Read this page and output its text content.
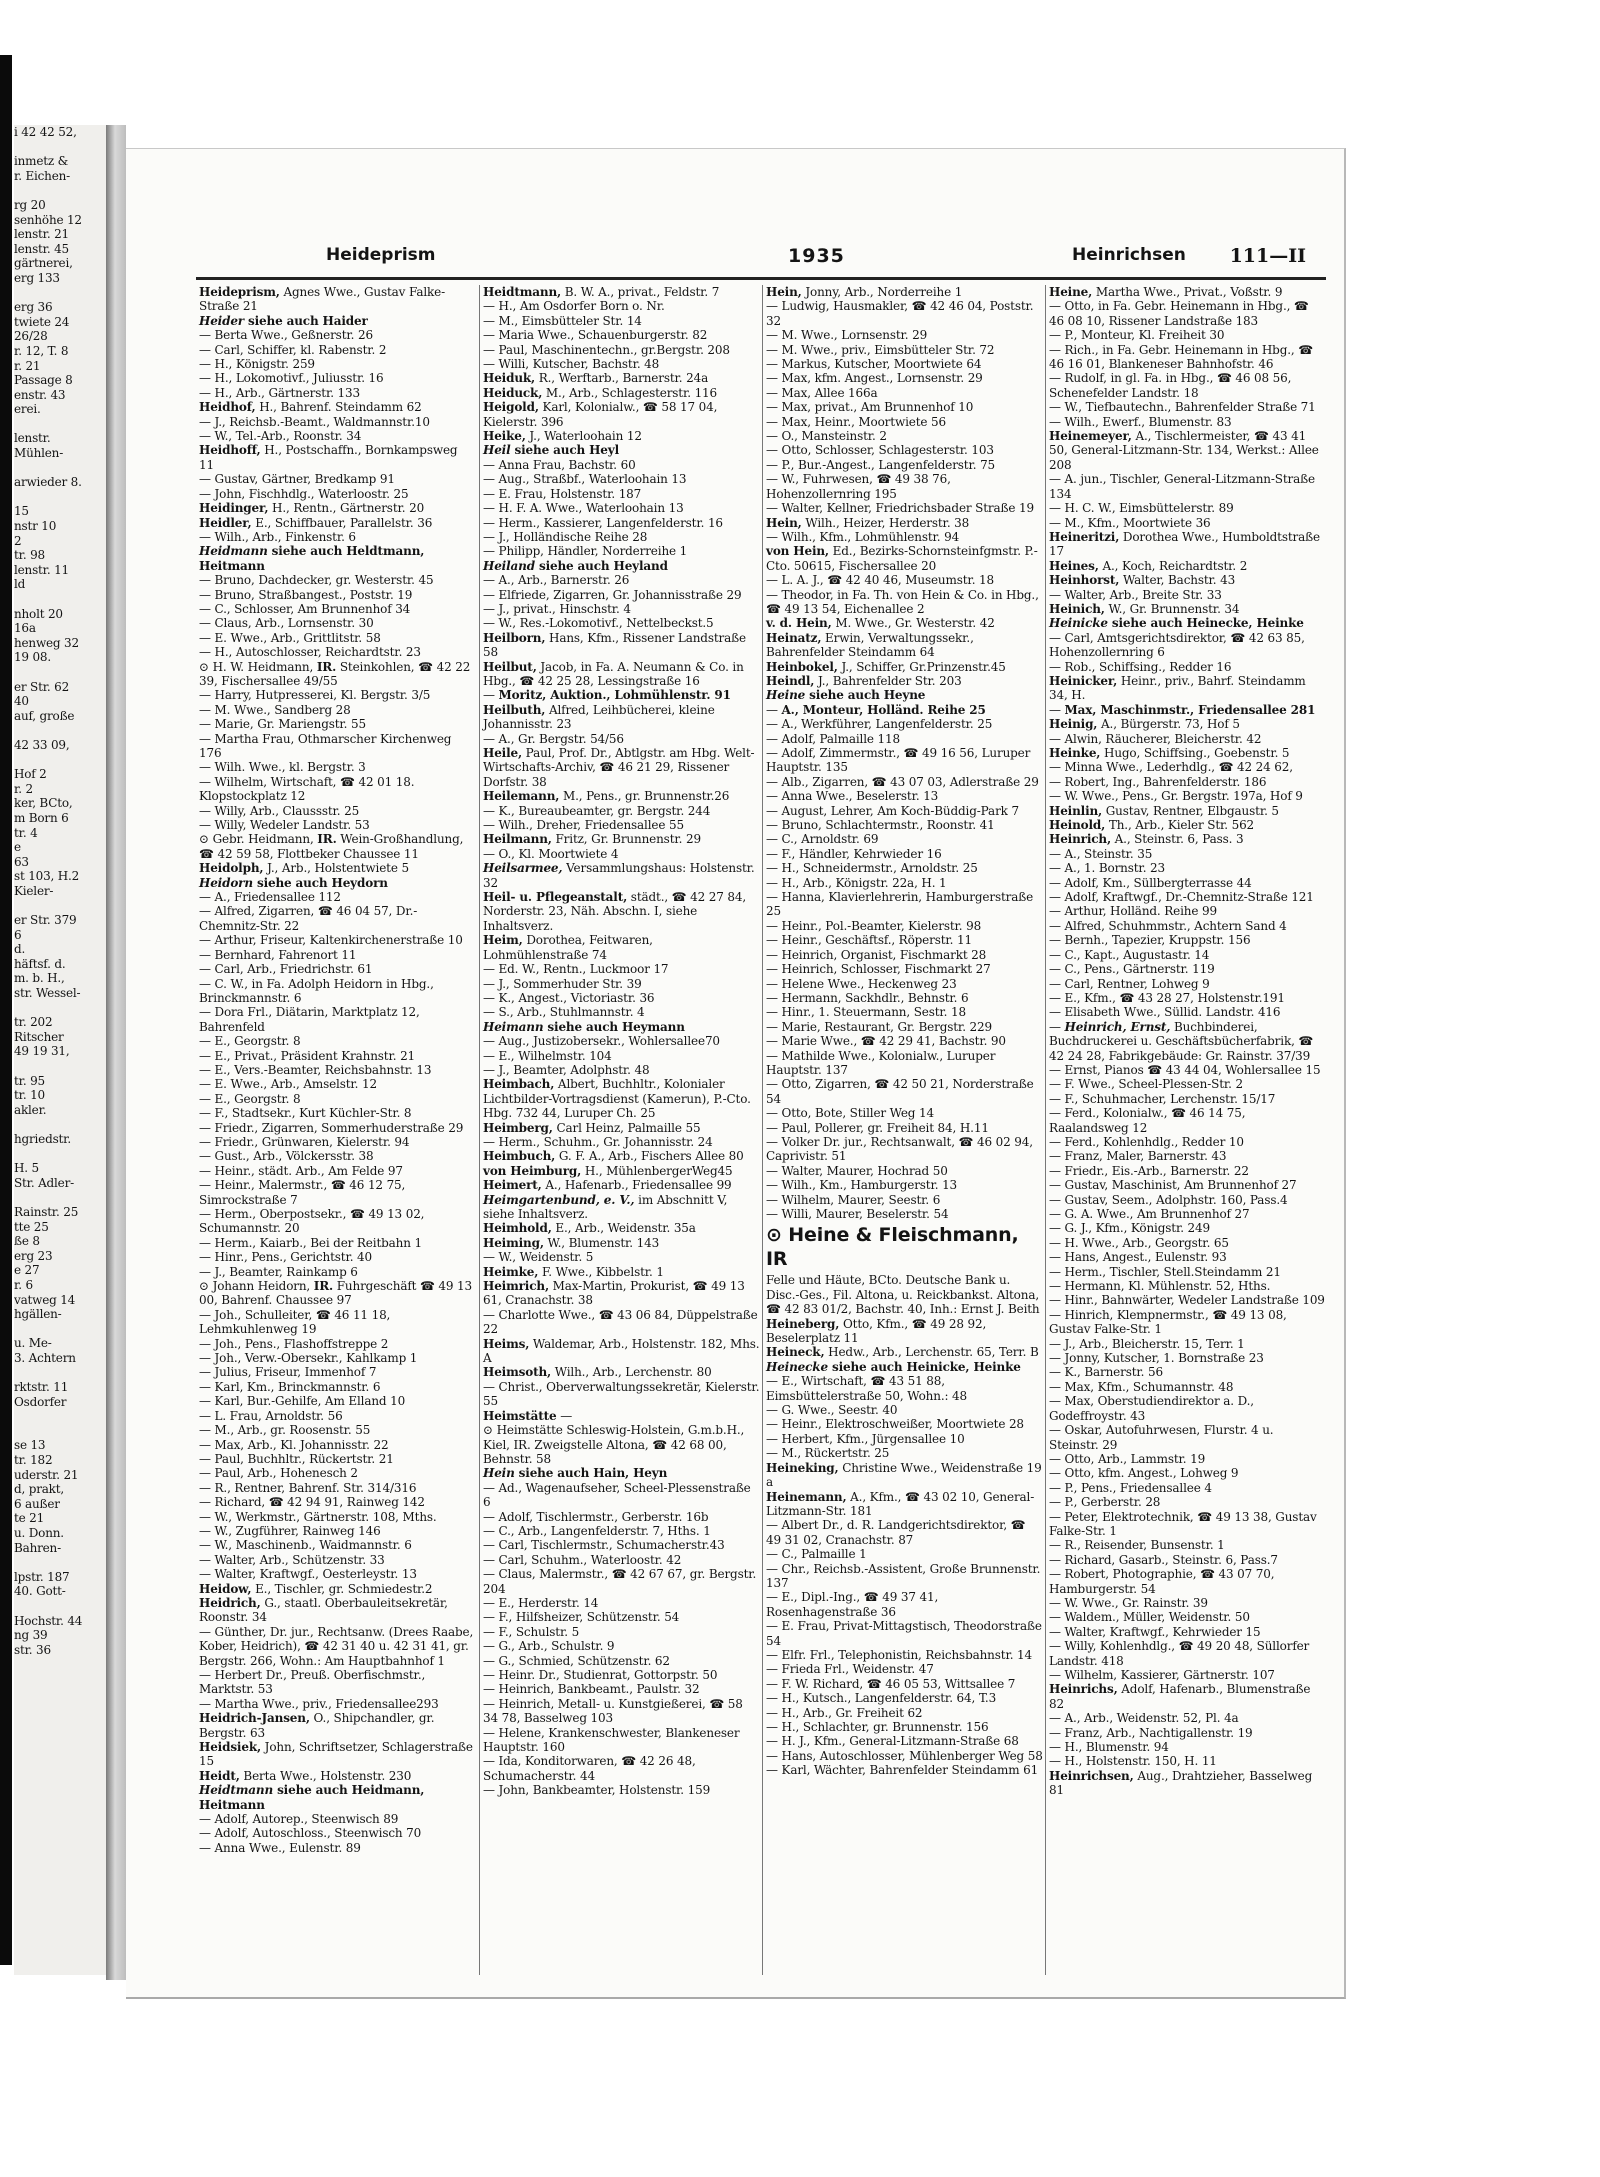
i 42 42 52,

inmetz &
r. Eichen-

rg 20
senhöhe 12
lenstr. 21
lenstr. 45
gärtnerei,
erg 133

erg 36
twiete 24
26/28
r. 12, T. 8
r. 21
Passage 8
enstr. 43
erei.

lenstr.
Mühlen-

arwieder 8.

15
nstr 10
2
tr. 98
lenstr. 11
ld

nholt 20
16a
henweg 32
19 08.

er Str. 62
40
auf, große

42 33 09,

Hof 2
r. 2
ker, BCto,
m Born 6
tr. 4
e
63
st 103, H.2
Kieler-

er Str. 379
6
d.
häftsf. d.
m. b. H.,
str. Wessel-

tr. 202
Ritscher
49 19 31,

tr. 95
tr. 10
akler.

hgriedstr.

H. 5
Str. Adler-

Rainstr. 25
tte 25
ße 8
erg 23
e 27
r. 6
vatweg 14
hgällen-

u. Me-
3. Achtern

rktstr. 11
Osdorfer

se 13
tr. 182
uderstr. 21
d, prakt,
6 außer
te 21
u. Donn.
Bahren-

lpstr. 187
40. Gott-

Hochstr. 44
ng 39
str. 36
Heideprism	1935	Heinrichsen 111—II
Heideprism, Agnes Wwe., Gustav Falke-Straße 21
Heider siehe auch Haider
— Berta Wwe., Geßnerstr. 26
— Carl, Schiffer, kl. Rabenstr. 2
— H., Königstr. 259
— H., Lokomotivf., Juliusstr. 16
— H., Arb., Gärtnerstr. 133
Heidhof, H., Bahrenf. Steindamm 62
— J., Reichsb.-Beamt., Waldmannstr.10
— W., Tel.-Arb., Roonstr. 34
Heidhoff, H., Postschaffn., Bornkampsweg 11
— Gustav, Gärtner, Bredkamp 91
— John, Fischhdlg., Waterloostr. 25
Heidinger, H., Rentn., Gärtnerstr. 20
Heidler, E., Schiffbauer, Parallelstr. 36
— Wilh., Arb., Finkenstr. 6
Heidmann siehe auch Heldtmann, Heitmann
— Bruno, Dachdecker, gr. Westerstr. 45
— Bruno, Straßbangest., Poststr. 19
— C., Schlosser, Am Brunnenhof 34
— Claus, Arb., Lornsenstr. 30
— E. Wwe., Arb., Grittlitstr. 58
— H., Autoschlosser, Reichardtstr. 23
⊙ H. W. Heidmann, IR. Steinkohlen, ☎ 42 22 39, Fischersallee 49/55
— Harry, Hutpresserei, Kl. Bergstr. 3/5
— M. Wwe., Sandberg 28
— Marie, Gr. Mariengstr. 55
— Martha Frau, Othmarscher Kirchenweg 176
— Wilh. Wwe., kl. Bergstr. 3
— Wilhelm, Wirtschaft, ☎ 42 01 18. Klopstockplatz 12
— Willy, Arb., Claussstr. 25
— Willy, Wedeler Landstr. 53
⊙ Gebr. Heidmann, IR. Wein-Großhandlung, ☎ 42 59 58, Flottbeker Chaussee 11
Heidolph, J., Arb., Holstentwiete 5
Heidorn siehe auch Heydorn
— A., Friedensallee 112
— Alfred, Zigarren, ☎ 46 04 57, Dr.-Chemnitz-Str. 22
— Arthur, Friseur, Kaltenkirchenerstraße 10
— Bernhard, Fahrenort 11
— Carl, Arb., Friedrichstr. 61
— C. W., in Fa. Adolph Heidorn in Hbg., Brinckmannstr. 6
— Dora Frl., Diätarin, Marktplatz 12, Bahrenfeld
— E., Georgstr. 8
— E., Privat., Präsident Krahnstr. 21
— E., Vers.-Beamter, Reichsbahnstr. 13
— E. Wwe., Arb., Amselstr. 12
— E., Georgstr. 8
— F., Stadtsekr., Kurt Küchler-Str. 8
— Friedr., Zigarren, Sommerhuderstraße 29
— Friedr., Grünwaren, Kielerstr. 94
— Gust., Arb., Völckersstr. 38
— Heinr., städt. Arb., Am Felde 97
— Heinr., Malermstr., ☎ 46 12 75, Simrockstraße 7
— Herm., Oberpostsekr., ☎ 49 13 02, Schumannstr. 20
— Herm., Kaiarb., Bei der Reitbahn 1
— Hinr., Pens., Gerichtstr. 40
— J., Beamter, Rainkamp 6
⊙ Johann Heidorn, IR. Fuhrgeschäft ☎ 49 13 00, Bahrenf. Chaussee 97
— Joh., Schulleiter, ☎ 46 11 18, Lehmkuhlenweg 19
— Joh., Pens., Flashoffstreppe 2
— Joh., Verw.-Obersekr., Kahlkamp 1
— Julius, Friseur, Immenhof 7
— Karl, Km., Brinckmannstr. 6
— Karl, Bur.-Gehilfe, Am Elland 10
— L. Frau, Arnoldstr. 56
— M., Arb., gr. Roosenstr. 55
— Max, Arb., Kl. Johannisstr. 22
— Paul, Buchhltr., Rückertstr. 21
— Paul, Arb., Hohenesch 2
— R., Rentner, Bahrenf. Str. 314/316
— Richard, ☎ 42 94 91, Rainweg 142
— W., Werkmstr., Gärtnerstr. 108, Mths.
— W., Zugführer, Rainweg 146
— W., Maschinenb., Waidmannstr. 6
— Walter, Arb., Schützenstr. 33
— Walter, Kraftwgf., Oesterleystr. 13
Heidow, E., Tischler, gr. Schmiedestr.2
Heidrich, G., staatl. Oberbauleitsekretär, Roonstr. 34
— Günther, Dr. jur., Rechtsanw. (Drees Raabe, Kober, Heidrich), ☎ 42 31 40 u. 42 31 41, gr. Bergstr. 266, Wohn.: Am Hauptbahnhof 1
— Herbert Dr., Preuß. Oberfischmstr., Marktstr. 53
— Martha Wwe., priv., Friedensallee293
Heidrich-Jansen, O., Shipchandler, gr. Bergstr. 63
Heidsiek, John, Schriftsetzer, Schlagerstraße 15
Heidt, Berta Wwe., Holstenstr. 230
Heidtmann siehe auch Heidmann, Heitmann
— Adolf, Autorep., Steenwisch 89
— Adolf, Autoschloss., Steenwisch 70
— Anna Wwe., Eulenstr. 89
Heidtmann, B. W. A., privat., Feldstr. 7
— H., Am Osdorfer Born o. Nr.
— M., Eimsbütteler Str. 14
— Maria Wwe., Schauenburgerstr. 82
— Paul, Maschinentechn., gr.Bergstr. 208
— Willi, Kutscher, Bachstr. 48
Heiduk, R., Werftarb., Barnerstr. 24a
Heiduck, M., Arb., Schlagesterstr. 116
Heigold, Karl, Kolonialw., ☎ 58 17 04, Kielerstr. 396
Heike, J., Waterloohain 12
Heil siehe auch Heyl
— Anna Frau, Bachstr. 60
— Aug., Straßbf., Waterloohain 13
— E. Frau, Holstenstr. 187
— H. F. A. Wwe., Waterloohain 13
— Herm., Kassierer, Langenfelderstr. 16
— J., Holländische Reihe 28
— Philipp, Händler, Norderreihe 1
Heiland siehe auch Heyland
— A., Arb., Barnerstr. 26
— Elfriede, Zigarren, Gr. Johannisstraße 29
— J., privat., Hinschstr. 4
— W., Res.-Lokomotivf., Nettelbeckst.5
Heilborn, Hans, Kfm., Rissener Landstraße 58
Heilbut, Jacob, in Fa. A. Neumann & Co. in Hbg., ☎ 42 25 28, Lessingstraße 16
— Moritz, Auktion., Lohmühlenstr. 91
Heilbuth, Alfred, Leihbücherei, kleine Johannisstr. 23
— A., Gr. Bergstr. 54/56
Heile, Paul, Prof. Dr., Abtlgstr. am Hbg. Welt-Wirtschafts-Archiv, ☎ 46 21 29, Rissener Dorfstr. 38
Heilemann, M., Pens., gr. Brunnenstr.26
— K., Bureaubeamter, gr. Bergstr. 244
— Wilh., Dreher, Friedensallee 55
Heilmann, Fritz, Gr. Brunnenstr. 29
— O., Kl. Moortwiete 4
Heilsarmee, Versammlungshaus: Holstenstr. 32
Heil- u. Pflegeanstalt, städt., ☎ 42 27 84, Norderstr. 23, Näh. Abschn. I, siehe Inhaltsverz.
Heim, Dorothea, Feitwaren, Lohmühlenstraße 74
— Ed. W., Rentn., Luckmoor 17
— J., Sommerhuder Str. 39
— K., Angest., Victoriastr. 36
— S., Arb., Stuhlmannstr. 4
Heimann siehe auch Heymann
— Aug., Justizobersekr., Wohlersallee70
— E., Wilhelmstr. 104
— J., Beamter, Adolphstr. 48
Heimbach, Albert, Buchhltr., Kolonialer Lichtbilder-Vortragsdienst (Kamerun), P.-Cto. Hbg. 732 44, Luruper Ch. 25
Heimberg, Carl Heinz, Palmaille 55
— Herm., Schuhm., Gr. Johannisstr. 24
Heimbuch, G. F. A., Arb., Fischers Allee 80
von Heimburg, H., MühlenbergerWeg45
Heimert, A., Hafenarb., Friedensallee 99
Heimgartenbund, e. V., im Abschnitt V, siehe Inhaltsverz.
Heimhold, E., Arb., Weidenstr. 35a
Heiming, W., Blumenstr. 143
— W., Weidenstr. 5
Heimke, F. Wwe., Kibbelstr. 1
Heimrich, Max-Martin, Prokurist, ☎ 49 13 61, Cranachstr. 38
— Charlotte Wwe., ☎ 43 06 84, Düppelstraße 22
Heims, Waldemar, Arb., Holstenstr. 182, Mhs. A
Heimsoth, Wilh., Arb., Lerchenstr. 80
— Christ., Oberverwaltungssekretär, Kielerstr. 55
Heimstätte —
⊙ Heimstätte Schleswig-Holstein, G.m.b.H., Kiel, IR. Zweigstelle Altona, ☎ 42 68 00, Behnstr. 58
Hein siehe auch Hain, Heyn
— Ad., Wagenaufseher, Scheel-Plessenstraße 6
— Adolf, Tischlermstr., Gerberstr. 16b
— C., Arb., Langenfelderstr. 7, Hths. 1
— Carl, Tischlermstr., Schumacherstr.43
— Carl, Schuhm., Waterloostr. 42
— Claus, Malermstr., ☎ 42 67 67, gr. Bergstr. 204
— E., Herderstr. 14
— F., Hilfsheizer, Schützenstr. 54
— F., Schulstr. 5
— G., Arb., Schulstr. 9
— G., Schmied, Schützenstr. 62
— Heinr. Dr., Studienrat, Gottorpstr. 50
— Heinrich, Bankbeamt., Paulstr. 32
— Heinrich, Metall- u. Kunstgießerei, ☎ 58 34 78, Basselweg 103
— Helene, Krankenschwester, Blankeneser Hauptstr. 160
— Ida, Konditorwaren, ☎ 42 26 48, Schumacherstr. 44
— John, Bankbeamter, Holstenstr. 159
Hein, Jonny, Arb., Norderreihe 1
— Ludwig, Hausmakler, ☎ 42 46 04, Poststr. 32
— M. Wwe., Lornsenstr. 29
— M. Wwe., priv., Eimsbütteler Str. 72
— Markus, Kutscher, Moortwiete 64
— Max, kfm. Angest., Lornsenstr. 29
— Max, Allee 166a
— Max, privat., Am Brunnenhof 10
— Max, Heinr., Moortwiete 56
— O., Mansteinstr. 2
— Otto, Schlosser, Schlagesterstr. 103
— P., Bur.-Angest., Langenfelderstr. 75
— W., Fuhrwesen, ☎ 49 38 76, Hohenzollernring 195
— Walter, Kellner, Friedrichsbader Straße 19
Hein, Wilh., Heizer, Herderstr. 38
— Wilh., Kfm., Lohmühlenstr. 94
von Hein, Ed., Bezirks-Schornsteinfgmstr. P.-Cto. 50615, Fischersallee 20
— L. A. J., ☎ 42 40 46, Museumstr. 18
— Theodor, in Fa. Th. von Hein & Co. in Hbg., ☎ 49 13 54, Eichenallee 2
v. d. Hein, M. Wwe., Gr. Westerstr. 42
Heinatz, Erwin, Verwaltungssekr., Bahrenfelder Steindamm 64
Heinbokel, J., Schiffer, Gr.Prinzenstr.45
Heindl, J., Bahrenfelder Str. 203
Heine siehe auch Heyne
— A., Monteur, Holländ. Reihe 25
— A., Werkführer, Langenfelderstr. 25
— Adolf, Palmaille 118
— Adolf, Zimmermstr., ☎ 49 16 56, Luruper Hauptstr. 135
— Alb., Zigarren, ☎ 43 07 03, Adlerstraße 29
— Anna Wwe., Beselerstr. 13
— August, Lehrer, Am Koch-Büddig-Park 7
— Bruno, Schlachtermstr., Roonstr. 41
— C., Arnoldstr. 69
— F., Händler, Kehrwieder 16
— H., Schneidermstr., Arnoldstr. 25
— H., Arb., Königstr. 22a, H. 1
— Hanna, Klavierlehrerin, Hamburgerstraße 25
— Heinr., Pol.-Beamter, Kielerstr. 98
— Heinr., Geschäftsf., Röperstr. 11
— Heinrich, Organist, Fischmarkt 28
— Heinrich, Schlosser, Fischmarkt 27
— Helene Wwe., Heckenweg 23
— Hermann, Sackhdlr., Behnstr. 6
— Hinr., 1. Steuermann, Sestr. 18
— Marie, Restaurant, Gr. Bergstr. 229
— Marie Wwe., ☎ 42 29 41, Bachstr. 90
— Mathilde Wwe., Kolonialw., Luruper Hauptstr. 137
— Otto, Zigarren, ☎ 42 50 21, Norderstraße 54
— Otto, Bote, Stiller Weg 14
— Paul, Pollerer, gr. Freiheit 84, H.11
— Volker Dr. jur., Rechtsanwalt, ☎ 46 02 94, Caprivistr. 51
— Walter, Maurer, Hochrad 50
— Wilh., Km., Hamburgerstr. 13
— Wilhelm, Maurer, Seestr. 6
— Willi, Maurer, Beselerstr. 54
⊙ Heine & Fleischmann, IR
Felle und Häute, BCto. Deutsche Bank u. Disc.-Ges., Fil. Altona, u. Reickbankst. Altona, ☎ 42 83 01/2, Bachstr. 40, Inh.: Ernst J. Beith
Heineberg, Otto, Kfm., ☎ 49 28 92, Beselerplatz 11
Heineck, Hedw., Arb., Lerchenstr. 65, Terr. B
Heinecke siehe auch Heinicke, Heinke
— E., Wirtschaft, ☎ 43 51 88, Eimsbüttelerstraße 50, Wohn.: 48
— G. Wwe., Seestr. 40
— Heinr., Elektroschweißer, Moortwiete 28
— Herbert, Kfm., Jürgensallee 10
— M., Rückertstr. 25
Heineking, Christine Wwe., Weidenstraße 19 a
Heinemann, A., Kfm., ☎ 43 02 10, General-Litzmann-Str. 181
— Albert Dr., d. R. Landgerichtsdirektor, ☎ 49 31 02, Cranachstr. 87
— C., Palmaille 1
— Chr., Reichsb.-Assistent, Große Brunnenstr. 137
— E., Dipl.-Ing., ☎ 49 37 41, Rosenhagenstraße 36
— E. Frau, Privat-Mittagstisch, Theodorstraße 54
— Elfr. Frl., Telephonistin, Reichsbahnstr. 14
— Frieda Frl., Weidenstr. 47
— F. W. Richard, ☎ 46 05 53, Wittsallee 7
— H., Kutsch., Langenfelderstr. 64, T.3
— H., Arb., Gr. Freiheit 62
— H., Schlachter, gr. Brunnenstr. 156
— H. J., Kfm., General-Litzmann-Straße 68
— Hans, Autoschlosser, Mühlenberger Weg 58
— Karl, Wächter, Bahrenfelder Steindamm 61
Heine, Martha Wwe., Privat., Voßstr. 9
— Otto, in Fa. Gebr. Heinemann in Hbg., ☎ 46 08 10, Rissener Landstraße 183
— P., Monteur, Kl. Freiheit 30
— Rich., in Fa. Gebr. Heinemann in Hbg., ☎ 46 16 01, Blankeneser Bahnhofstr. 46
— Rudolf, in gl. Fa. in Hbg., ☎ 46 08 56, Schenefelder Landstr. 18
— W., Tiefbautechn., Bahrenfelder Straße 71
— Wilh., Ewerf., Blumenstr. 83
Heinemeyer, A., Tischlermeister, ☎ 43 41 50, General-Litzmann-Str. 134, Werkst.: Allee 208
— A. jun., Tischler, General-Litzmann-Straße 134
— H. C. W., Eimsbüttelerstr. 89
— M., Kfm., Moortwiete 36
Heineritzi, Dorothea Wwe., Humboldtstraße 17
Heines, A., Koch, Reichardtstr. 2
Heinhorst, Walter, Bachstr. 43
— Walter, Arb., Breite Str. 33
Heinich, W., Gr. Brunnenstr. 34
Heinicke siehe auch Heinecke, Heinke
— Carl, Amtsgerichtsdirektor, ☎ 42 63 85, Hohenzollernring 6
— Rob., Schiffsing., Redder 16
Heinicker, Heinr., priv., Bahrf. Steindamm 34, H.
— Max, Maschinmstr., Friedensallee 281
Heinig, A., Bürgerstr. 73, Hof 5
— Alwin, Räucherer, Bleicherstr. 42
Heinke, Hugo, Schiffsing., Goebenstr. 5
— Minna Wwe., Lederhdlg., ☎ 42 24 62,
— Robert, Ing., Bahrenfelderstr. 186
— W. Wwe., Pens., Gr. Bergstr. 197a, Hof 9
Heinlin, Gustav, Rentner, Elbgaustr. 5
Heinold, Th., Arb., Kieler Str. 562
Heinrich, A., Steinstr. 6, Pass. 3
— A., Steinstr. 35
— A., 1. Bornstr. 23
— Adolf, Km., Süllbergterrasse 44
— Adolf, Kraftwgf., Dr.-Chemnitz-Straße 121
— Arthur, Holländ. Reihe 99
— Alfred, Schuhmmstr., Achtern Sand 4
— Bernh., Tapezier, Kruppstr. 156
— C., Kapt., Augustastr. 14
— C., Pens., Gärtnerstr. 119
— Carl, Rentner, Lohweg 9
— E., Kfm., ☎ 43 28 27, Holstenstr.191
— Elisabeth Wwe., Süllid. Landstr. 416
— Heinrich, Ernst, Buchbinderei, Buchdruckerei u. Geschäftsbücherfabrik, ☎ 42 24 28, Fabrikgebäude: Gr. Rainstr. 37/39
— Ernst, Pianos ☎ 43 44 04, Wohlersallee 15
— F. Wwe., Scheel-Plessen-Str. 2
— F., Schuhmacher, Lerchenstr. 15/17
— Ferd., Kolonialw., ☎ 46 14 75, Raalandsweg 12
— Ferd., Kohlenhdlg., Redder 10
— Franz, Maler, Barnerstr. 43
— Friedr., Eis.-Arb., Barnerstr. 22
— Gustav, Maschinist, Am Brunnenhof 27
— Gustav, Seem., Adolphstr. 160, Pass.4
— G. A. Wwe., Am Brunnenhof 27
— G. J., Kfm., Königstr. 249
— H. Wwe., Arb., Georgstr. 65
— Hans, Angest., Eulenstr. 93
— Herm., Tischler, Stell.Steindamm 21
— Hermann, Kl. Mühlenstr. 52, Hths.
— Hinr., Bahnwärter, Wedeler Landstraße 109
— Hinrich, Klempnermstr., ☎ 49 13 08, Gustav Falke-Str. 1
— J., Arb., Bleicherstr. 15, Terr. 1
— Jonny, Kutscher, 1. Bornstraße 23
— K., Barnerstr. 56
— Max, Kfm., Schumannstr. 48
— Max, Oberstudiendirektor a. D., Godeffroystr. 43
— Oskar, Autofuhrwesen, Flurstr. 4 u. Steinstr. 29
— Otto, Arb., Lammstr. 19
— Otto, kfm. Angest., Lohweg 9
— P., Pens., Friedensallee 4
— P., Gerberstr. 28
— Peter, Elektrotechnik, ☎ 49 13 38, Gustav Falke-Str. 1
— R., Reisender, Bunsenstr. 1
— Richard, Gasarb., Steinstr. 6, Pass.7
— Robert, Photographie, ☎ 43 07 70, Hamburgerstr. 54
— W. Wwe., Gr. Rainstr. 39
— Waldem., Müller, Weidenstr. 50
— Walter, Kraftwgf., Kehrwieder 15
— Willy, Kohlenhdlg., ☎ 49 20 48, Süllorfer Landstr. 418
— Wilhelm, Kassierer, Gärtnerstr. 107
Heinrichs, Adolf, Hafenarb., Blumenstraße 82
— A., Arb., Weidenstr. 52, Pl. 4a
— Franz, Arb., Nachtigallenstr. 19
— H., Blumenstr. 94
— H., Holstenstr. 150, H. 11
Heinrichsen, Aug., Drahtzieher, Basselweg 81
